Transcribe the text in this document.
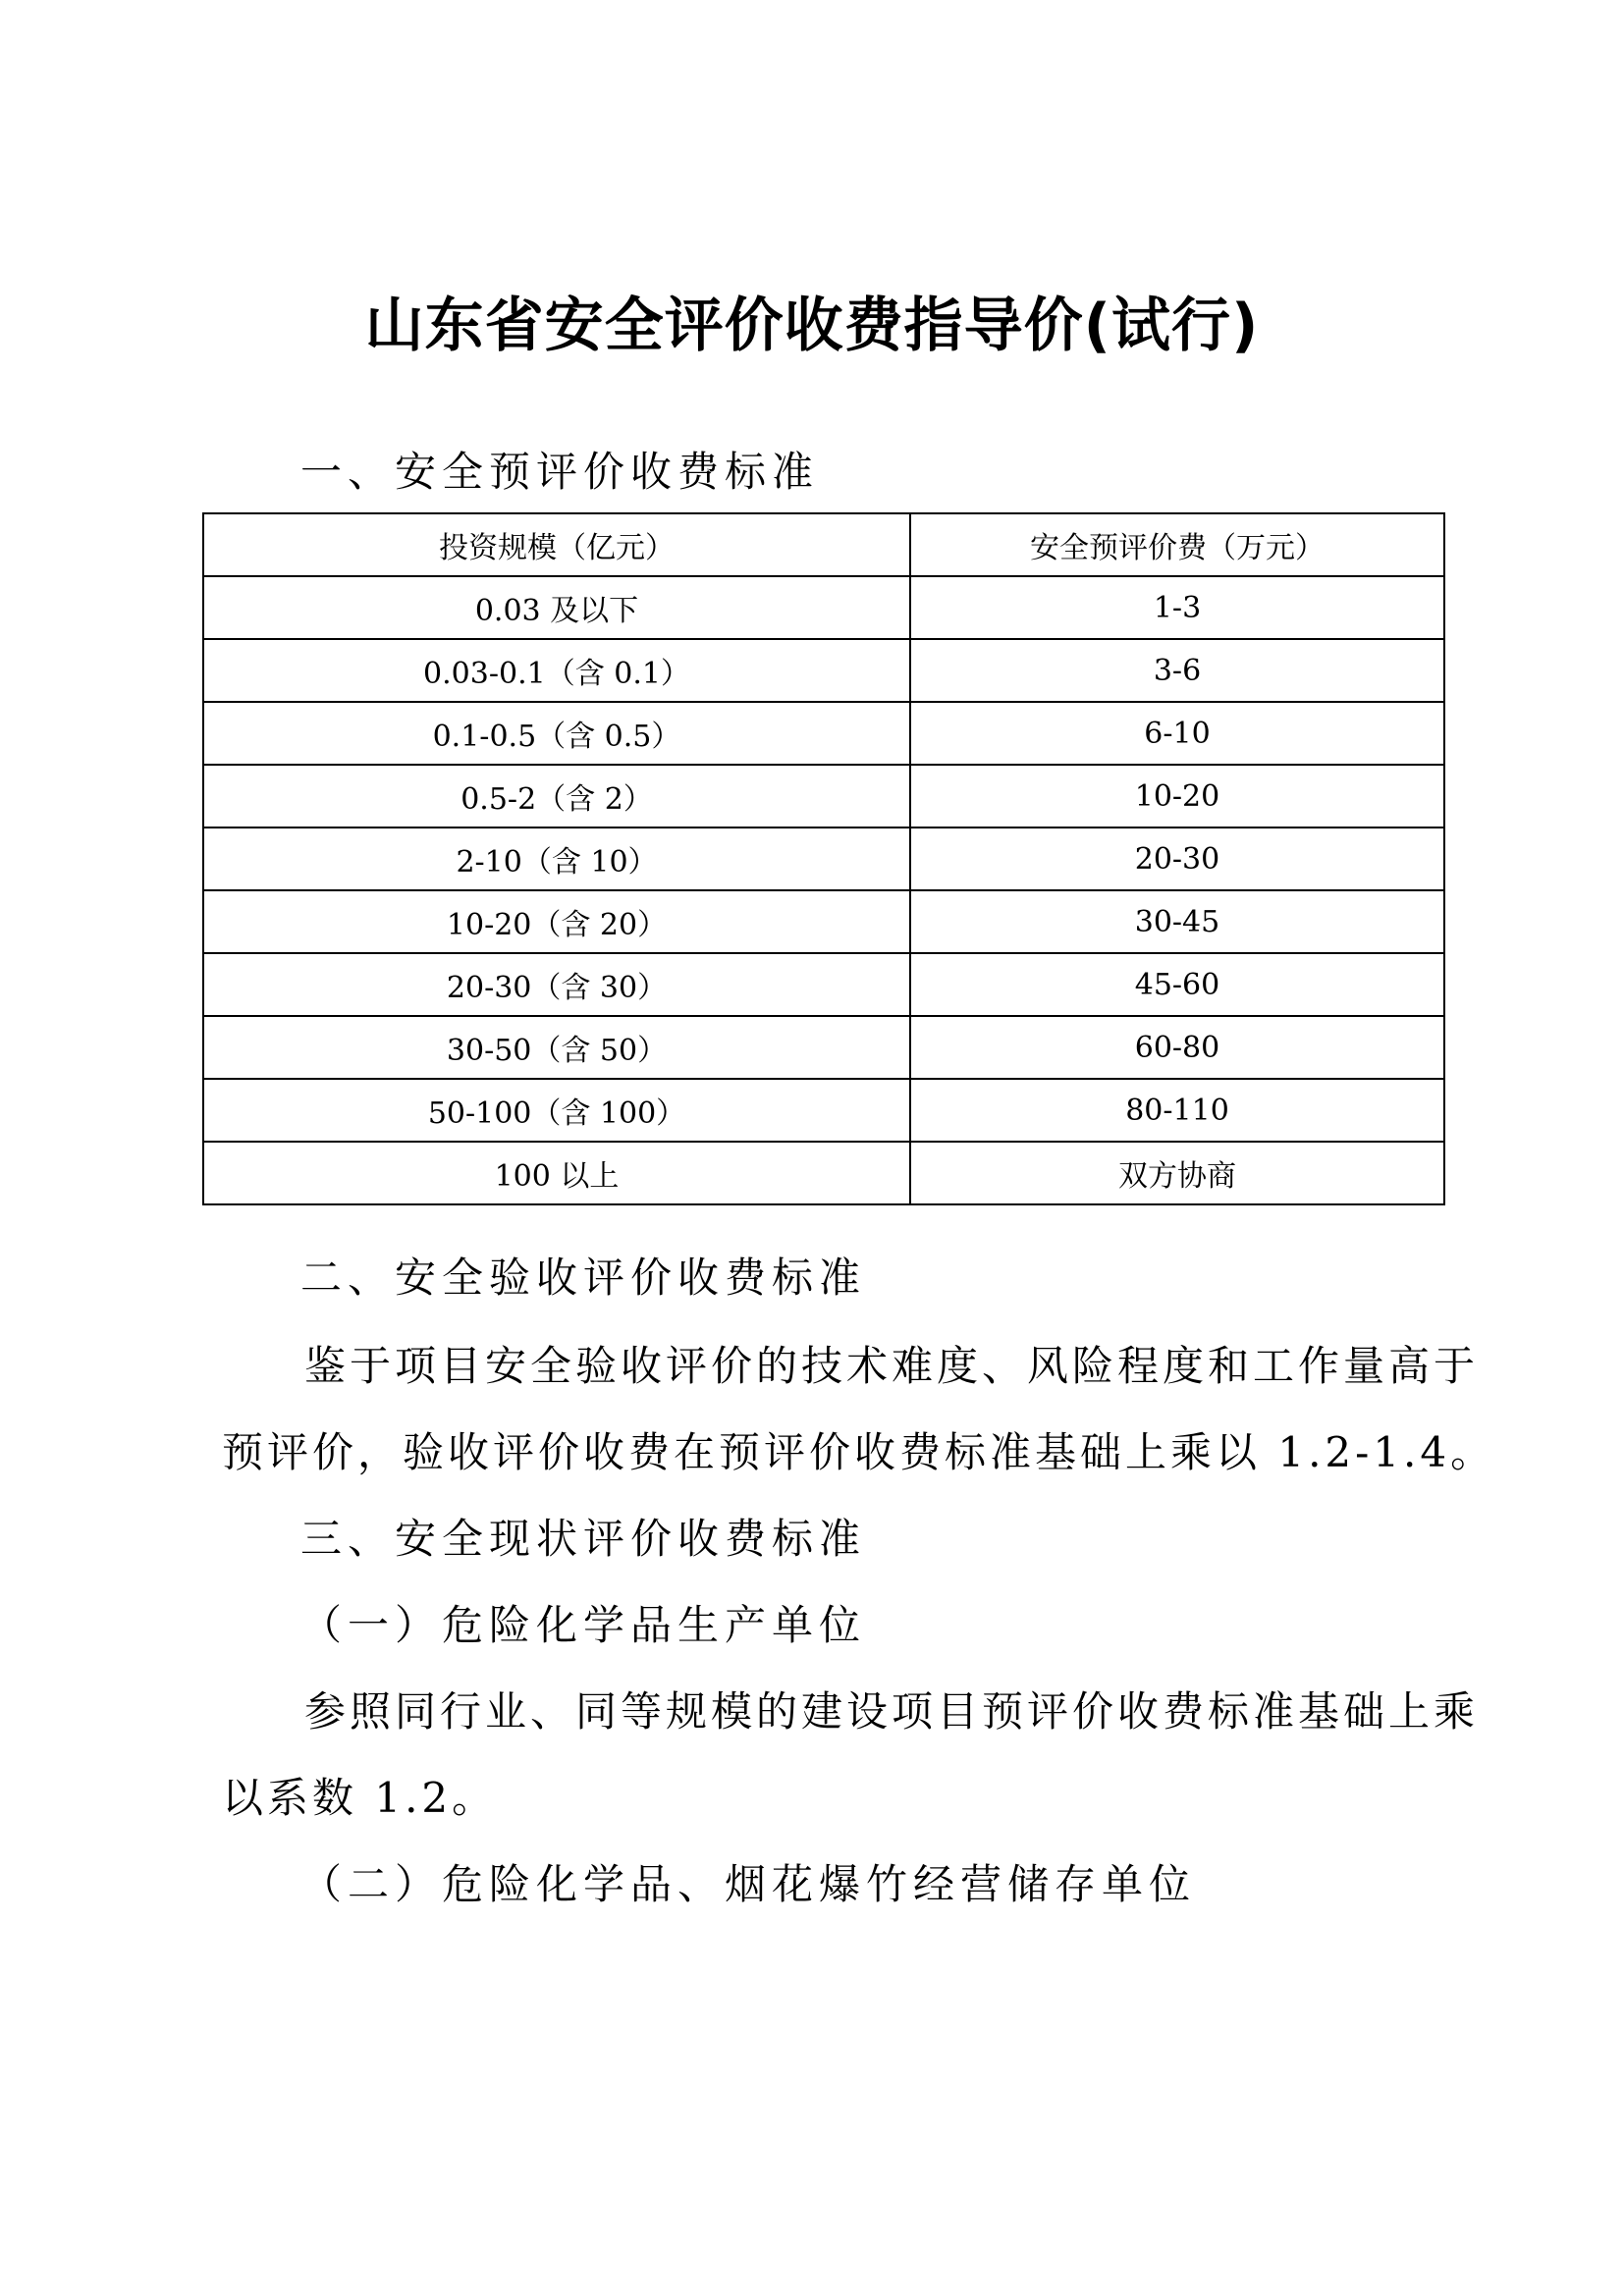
山东省安全评价收费指导价(试行)

一、安全预评价收费标准

投资规模（亿元）	安全预评价费（万元）
0.03 及以下	1-3
0.03-0.1（含 0.1）	3-6
0.1-0.5（含 0.5）	6-10
0.5-2（含 2）	10-20
2-10（含 10）	20-30
10-20（含 20）	30-45
20-30（含 30）	45-60
30-50（含 50）	60-80
50-100（含 100）	80-110
100 以上	双方协商

二、安全验收评价收费标准

鉴于项目安全验收评价的技术难度、风险程度和工作量高于

预评价，验收评价收费在预评价收费标准基础上乘以 1.2-1.4。

三、安全现状评价收费标准

（一）危险化学品生产单位

参照同行业、同等规模的建设项目预评价收费标准基础上乘

以系数 1.2。

（二）危险化学品、烟花爆竹经营储存单位
